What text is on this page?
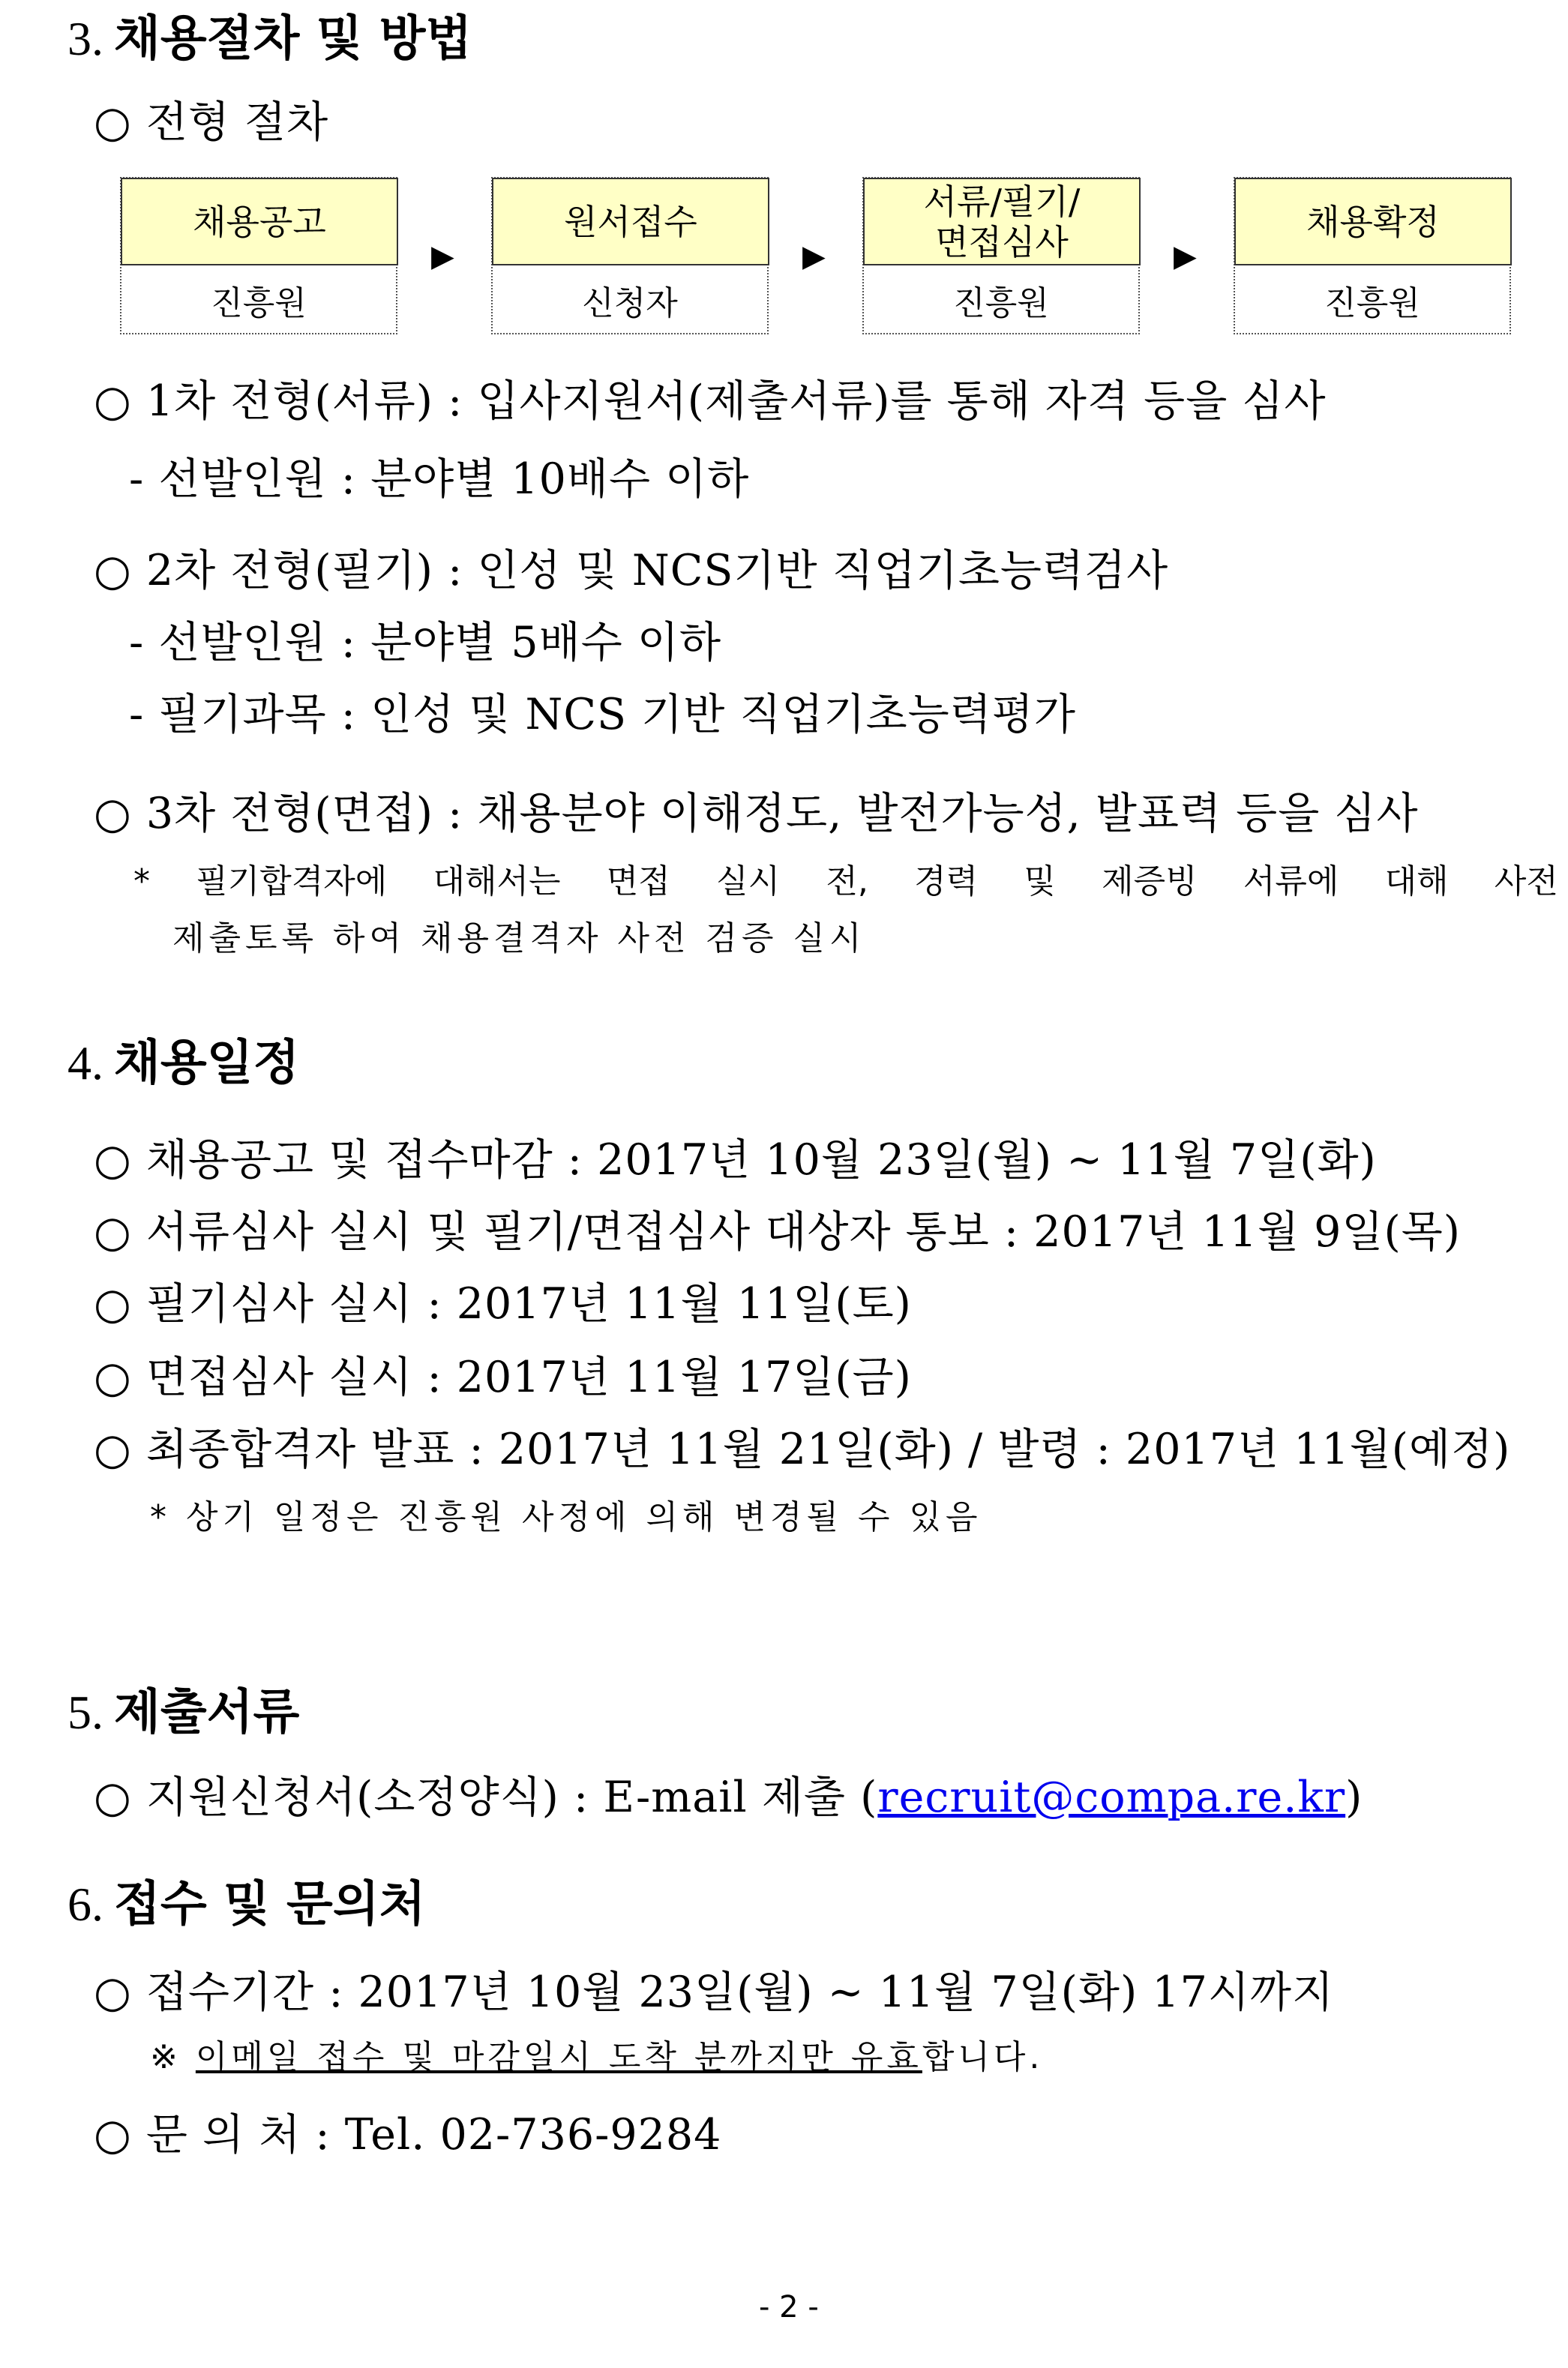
3. 채용절차 및 방법
○ 전형 절차
채용공고
진흥원
▶
원서접수
신청자
▶
서류/필기/ 면접심사
진흥원
▶
채용확정
진흥원
○ 1차 전형(서류) : 입사지원서(제출서류)를 통해 자격 등을 심사
- 선발인원 : 분야별 10배수 이하
○ 2차 전형(필기) : 인성 및 NCS기반 직업기초능력검사
- 선발인원 : 분야별 5배수 이하
- 필기과목 : 인성 및 NCS 기반 직업기초능력평가
○ 3차 전형(면접) : 채용분야 이해정도, 발전가능성, 발표력 등을 심사
* 필기합격자에 대해서는 면접 실시 전, 경력 및 제증빙 서류에 대해 사전
제출토록 하여 채용결격자 사전 검증 실시
4. 채용일정
○ 채용공고 및 접수마감 : 2017년 10월 23일(월) ~ 11월 7일(화)
○ 서류심사 실시 및 필기/면접심사 대상자 통보 : 2017년 11월 9일(목)
○ 필기심사 실시 : 2017년 11월 11일(토)
○ 면접심사 실시 : 2017년 11월 17일(금)
○ 최종합격자 발표 : 2017년 11월 21일(화) / 발령 : 2017년 11월(예정)
* 상기 일정은 진흥원 사정에 의해 변경될 수 있음
5. 제출서류
○ 지원신청서(소정양식) : E-mail 제출 (recruit@compa.re.kr)
6. 접수 및 문의처
○ 접수기간 : 2017년 10월 23일(월) ~ 11월 7일(화) 17시까지
※ 이메일 접수 및 마감일시 도착 분까지만 유효합니다.
○ 문 의 처 : Tel. 02-736-9284
- 2 -
